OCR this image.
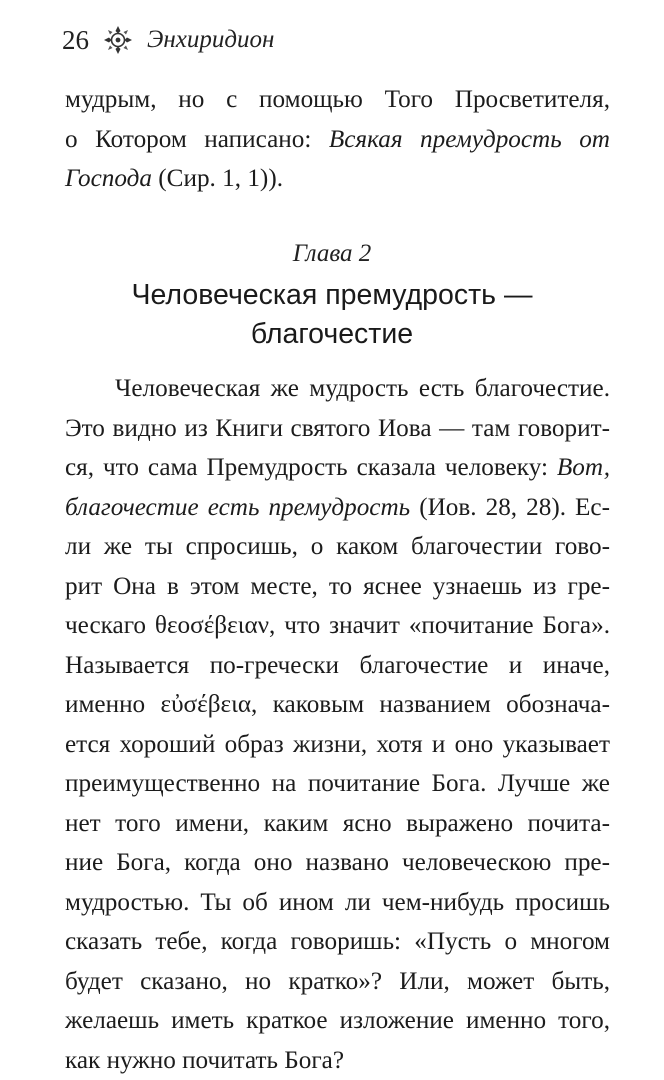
26 Энхиридион
мудрым, но с помощью Того Просветителя,
о Котором написано: Всякая премудрость от
Господа (Сир. 1, 1)).
Глава 2
Человеческая премудрость —
благочестие
Человеческая же мудрость есть благочестие.
Это видно из Книги святого Иова — там говорит-
ся, что сама Премудрость сказала человеку: Вот,
благочестие есть премудрость (Иов. 28, 28). Ес-
ли же ты спросишь, о каком благочестии гово-
рит Она в этом месте, то яснее узнаешь из гре-
ческаго θεοσέβειαν, что значит «почитание Бога».
Называется по-гречески благочестие и иначе,
именно εὐσέβεια, каковым названием обознача-
ется хороший образ жизни, хотя и оно указывает
преимущественно на почитание Бога. Лучше же
нет того имени, каким ясно выражено почита-
ние Бога, когда оно названо человеческою пре-
мудростью. Ты об ином ли чем-нибудь просишь
сказать тебе, когда говоришь: «Пусть о многом
будет сказано, но кратко»? Или, может быть,
желаешь иметь краткое изложение именно того,
как нужно почитать Бога?
